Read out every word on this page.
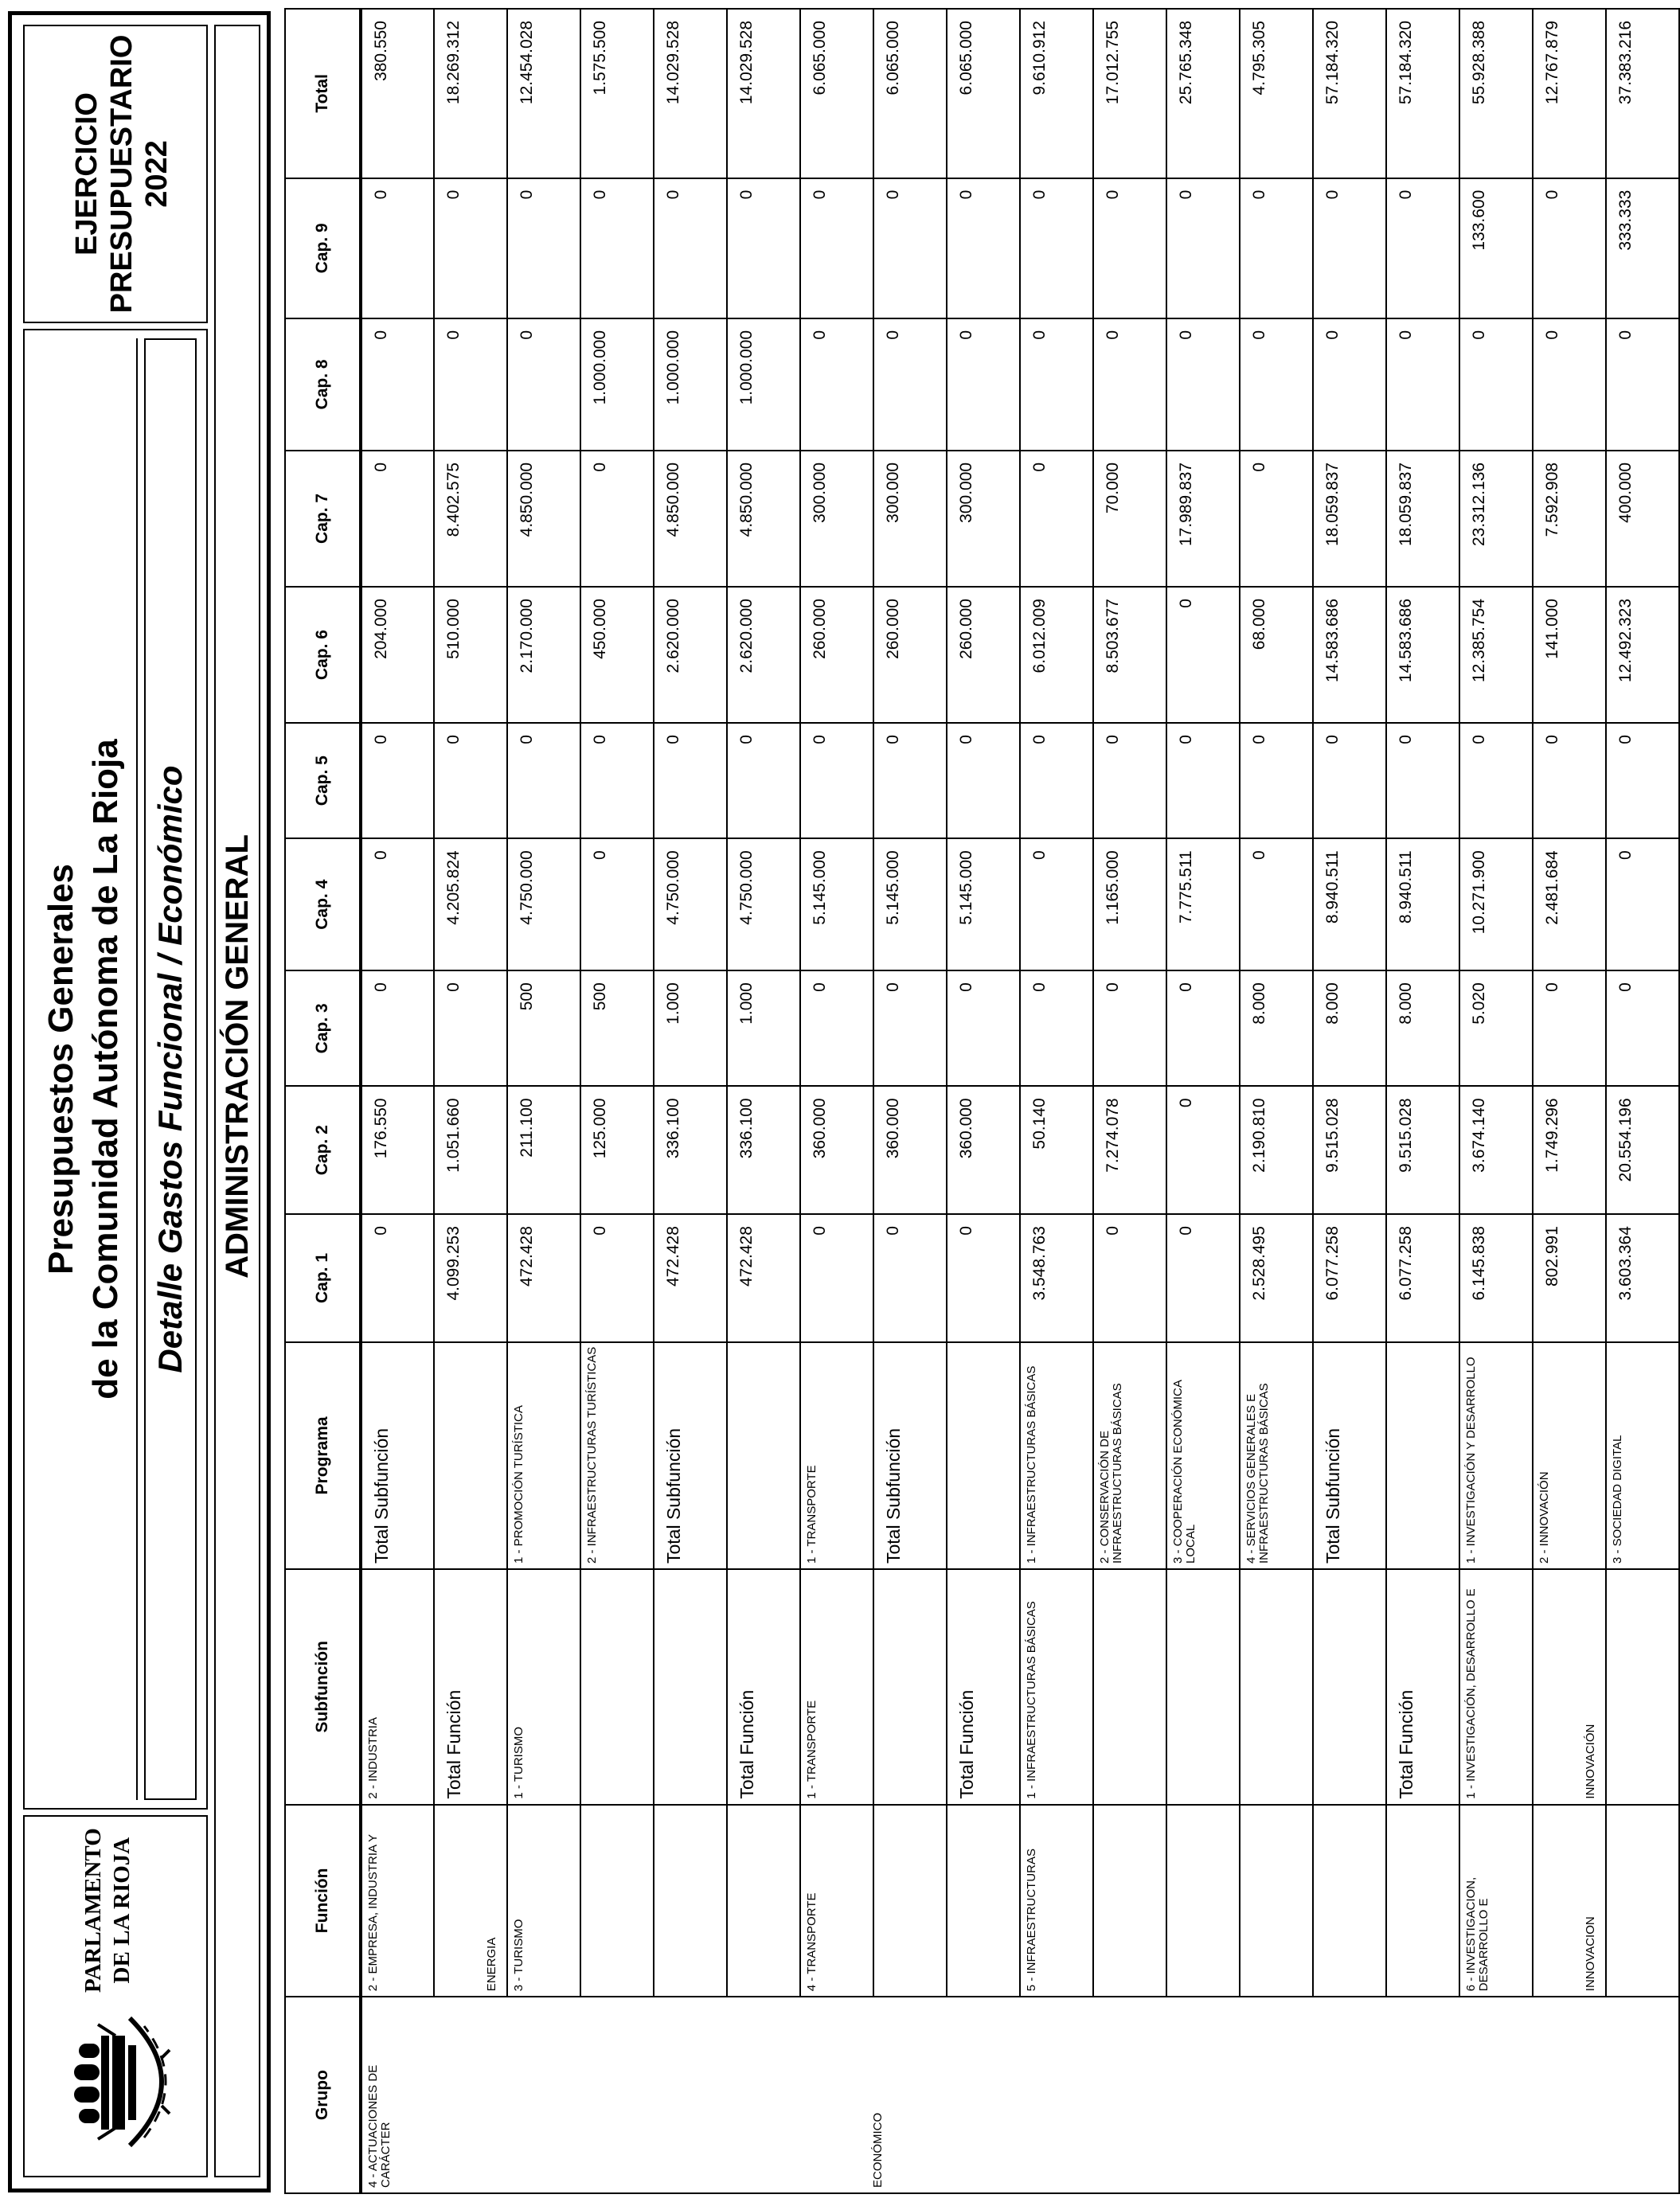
PARLAMENTO DE LA RIOJA
Presupuestos Generales de la Comunidad Autónoma de La Rioja Detalle Gastos Funcional / Económico
EJERCICIO PRESUPUESTARIO 2022
ADMINISTRACIÓN GENERAL
Grupo	Función	Subfunción	Programa	Cap. 1	Cap. 2	Cap. 3	Cap. 4	Cap. 5	Cap. 6	Cap. 7	Cap. 8	Cap. 9	Total

4 - ACTUACIONES DE CARÁCTER ECONÓMICO	2 - EMPRESA, INDUSTRIA Y	2 - INDUSTRIA	Total Subfunción	0	176.550	0	0	0	204.000	0	0	0	380.550
	ENERGIA	Total Función		4.099.253	1.051.660	0	4.205.824	0	510.000	8.402.575	0	0	18.269.312
	3 - TURISMO	1 - TURISMO	1 - PROMOCIÓN TURÍSTICA	472.428	211.100	500	4.750.000	0	2.170.000	4.850.000	0	0	12.454.028
			2 - INFRAESTRUCTURAS TURÍSTICAS	0	125.000	500	0	0	450.000	0	1.000.000	0	1.575.500
			Total Subfunción	472.428	336.100	1.000	4.750.000	0	2.620.000	4.850.000	1.000.000	0	14.029.528
		Total Función		472.428	336.100	1.000	4.750.000	0	2.620.000	4.850.000	1.000.000	0	14.029.528
	4 - TRANSPORTE	1 - TRANSPORTE	1 - TRANSPORTE	0	360.000	0	5.145.000	0	260.000	300.000	0	0	6.065.000
			Total Subfunción	0	360.000	0	5.145.000	0	260.000	300.000	0	0	6.065.000
		Total Función		0	360.000	0	5.145.000	0	260.000	300.000	0	0	6.065.000
	5 - INFRAESTRUCTURAS	1 - INFRAESTRUCTURAS BÁSICAS	1 - INFRAESTRUCTURAS BÁSICAS	3.548.763	50.140	0	0	0	6.012.009	0	0	0	9.610.912
			2 - CONSERVACIÓN DE INFRAESTRUCTURAS BÁSICAS	0	7.274.078	0	1.165.000	0	8.503.677	70.000	0	0	17.012.755
			3 - COOPERACIÓN ECONÓMICA LOCAL	0	0	0	7.775.511	0	0	17.989.837	0	0	25.765.348
			4 - SERVICIOS GENERALES E INFRAESTRUCTURAS BÁSICAS	2.528.495	2.190.810	8.000	0	0	68.000	0	0	0	4.795.305
			Total Subfunción	6.077.258	9.515.028	8.000	8.940.511	0	14.583.686	18.059.837	0	0	57.184.320
		Total Función		6.077.258	9.515.028	8.000	8.940.511	0	14.583.686	18.059.837	0	0	57.184.320
	6 - INVESTIGACION, DESARROLLO E	1 - INVESTIGACIÓN, DESARROLLO E	1 - INVESTIGACIÓN Y DESARROLLO	6.145.838	3.674.140	5.020	10.271.900	0	12.385.754	23.312.136	0	133.600	55.928.388
	INNOVACION	INNOVACIÓN	2 - INNOVACIÓN	802.991	1.749.296	0	2.481.684	0	141.000	7.592.908	0	0	12.767.879
			3 - SOCIEDAD DIGITAL	3.603.364	20.554.196	0	0	0	12.492.323	400.000	0	333.333	37.383.216
